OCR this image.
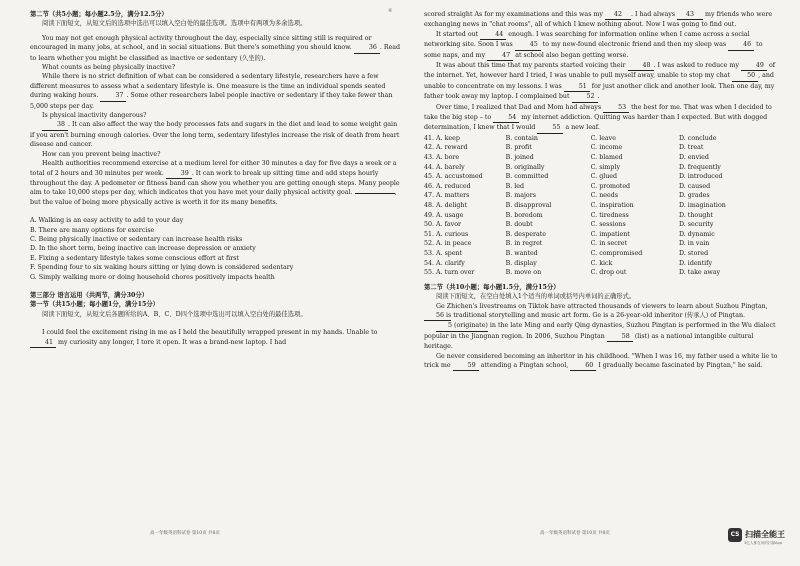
⑥

第二节（共5小题；每小题2.5分，满分12.5分）

阅读下面短文，从短文后的选项中选出可以填入空白处的最佳选项。选项中有两项为多余选项。

You may not get enough physical activity throughout the day, especially since sitting still is required or encouraged in many jobs, at school, and in social situations. But there's something you should know.	36 . Read to learn whether you might be classified as inactive or sedentary (久坐的).

What counts as being physically inactive?

While there is no strict definition of what can be considered a sedentary lifestyle, researchers have a few different measures to assess what a sedentary lifestyle is. One measure is the time an individual spends seated during waking hours.	37 . Some other researchers label people inactive or sedentary if they take fewer than 5,000 steps per day.

Is physical inactivity dangerous?

38 . It can also affect the way the body processes fats and sugars in the diet and lead to some weight gain if you aren't burning enough calories. Over the long term, sedentary lifestyles increase the risk of death from heart disease and cancer.

How can you prevent being inactive?

Health authorities recommend exercise at a medium level for either 30 minutes a day for five days a week or a total of 2 hours and 30 minutes per week.	39 . It can work to break up sitting time and add steps hourly throughout the day. A pedometer or fitness band can show you whether you are getting enough steps. Many people aim to take 10,000 steps per day, which indicates that you have met your daily physical activity goal.	, but the value of being more physically active is worth it for its many benefits.

A. Walking is an easy activity to add to your day

B. There are many options for exercise

C. Being physically inactive or sedentary can increase health risks

D. In the short term, being inactive can increase depression or anxiety

E. Fixing a sedentary lifestyle takes some conscious effort at first

F. Spending four to six waking hours sitting or lying down is considered sedentary

G. Simply walking more or doing household chores positively impacts health

第三部分 语言运用（共两节，满分30分）

第一节（共15小题；每小题1分，满分15分）

阅读下面短文，从短文后各题所给的A、B、C、D四个选项中选出可以填入空白处的最佳选项。

I could feel the excitement rising in me as I held the beautifully wrapped present in my hands. Unable to 41 my curiosity any longer, I tore it open. It was a brand-new laptop. I had

高一年级英语科试卷 第10页 共8页

scored straight As for my examinations and this was my 42 . I had always 43 my friends who were exchanging news in "chat rooms", all of which I knew nothing about. Now I was going to find out.

It started out	44 enough. I was searching for information online when I came across a social networking site. Soon I was	45 to my new-found electronic friend and then my sleep was	46 to some naps, and my	47 at school also began getting worse.

It was about this time that my parents started voicing their	48 . I was asked to reduce my	49 of the internet. Yet, however hard I tried, I was unable to pull myself away, unable to stop my chat	50 , and unable to concentrate on my lessons. I was	51 for just another click and another look. Then one day, my father took away my laptop. I complained but	52 .

Over time, I realized that Dad and Mom had always	53 the best for me. That was when I decided to take the big step – to	54 my internet addiction. Quitting was harder than I expected. But with dogged determination, I knew that I would	55 a new leaf.

41. A. keep	B. contain	C. leave	D. conclude
42. A. reward	B. profit	C. income	D. treat
43. A. bore	B. joined	C. blamed	D. envied
44. A. barely	B. originally	C. simply	D. frequently
45. A. accustomed	B. committed	C. glued	D. introduced
46. A. reduced	B. led	C. promoted	D. caused
47. A. matters	B. majors	C. needs	D. grades
48. A. delight	B. disapproval	C. inspiration	D. imagination
49. A. usage	B. boredom	C. tiredness	D. thought
50. A. favor	B. doubt	C. sessions	D. security
51. A. curious	B. desperate	C. impatient	D. dynamic
52. A. in peace	B. in regret	C. in secret	D. in vain
53. A. spent	B. wanted	C. compromised	D. stored
54. A. clarify	B. display	C. kick	D. identify
55. A. turn over	B. move on	C. drop out	D. take away

第二节（共10小题；每小题1.5分，满分15分）

阅读下面短文，在空白处填入1个适当的单词或括号内单词的正确形式。

Ge Zhichen's livestreams on Tiktok have attracted thousands of viewers to learn about Suzhou Pingtan, 56 is traditional storytelling and music art form. Ge is a 26-year-old inheritor (传承人) of Pingtan.

5 (originate) in the late Ming and early Qing dynasties, Suzhou Pingtan is performed in the Wu dialect popular in the Jiangnan region. In 2006, Suzhou Pingtan	58 (list) as a national intangible cultural heritage.

Ge never considered becoming an inheritor in his childhood. "When I was 16, my father used a white lie to trick me	59 attending a Pingtan school,	60 I gradually became fascinated by Pingtan," he said.

高一年级英语科试卷 第10页 共8页	CS 扫描全能王
3亿人都在用的扫描App
